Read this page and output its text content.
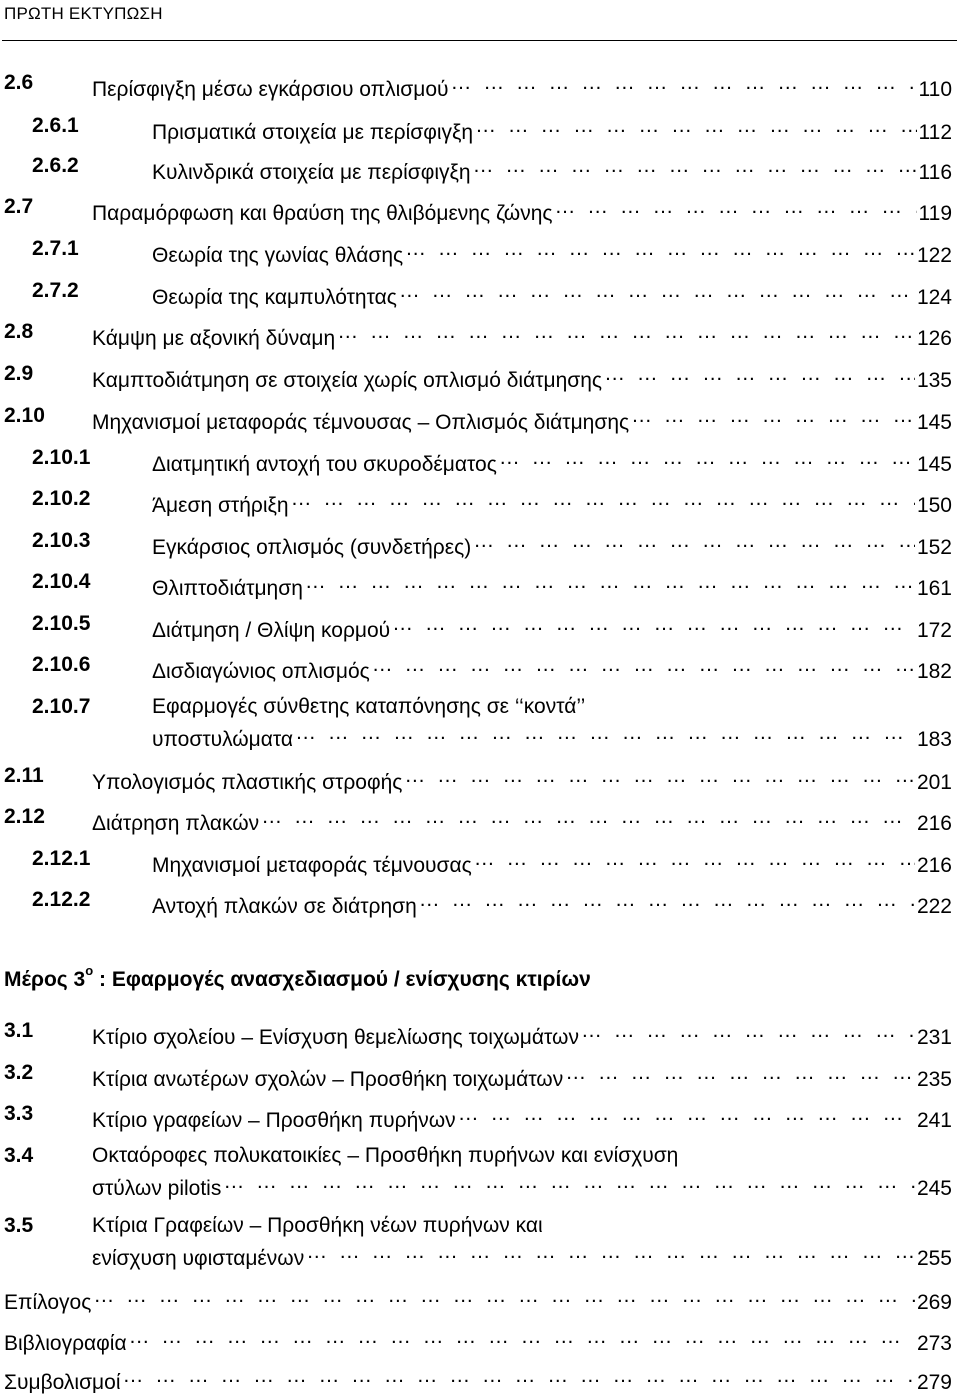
ΠΡΩΤΗ ΕΚΤΥΠΩΣΗ
2.6	Περίσφιγξη μέσω εγκάρσιου οπλισμού … … … … … … … … … … … … … … … … … … … … … … … … … … … … … … … …	110
2.6.1	Πρισματικά στοιχεία με περίσφιγξη … … … … … … … … … … … … … … … … … … … … … … … … … … … … … … … …	112
2.6.2	Κυλινδρικά στοιχεία με περίσφιγξη … … … … … … … … … … … … … … … … … … … … … … … … … … … … … … … …	116
2.7	Παραμόρφωση και θραύση της θλιβόμενης ζώνης … … … … … … … … … … … … … … … … … … … … … … … … … … … … … … … …	119
2.7.1	Θεωρία της γωνίας θλάσης … … … … … … … … … … … … … … … … … … … … … … … … … … … … … … … …	122
2.7.2	Θεωρία της καμπυλότητας … … … … … … … … … … … … … … … … … … … … … … … … … … … … … … … …	124
2.8	Κάμψη με αξονική δύναμη … … … … … … … … … … … … … … … … … … … … … … … … … … … … … … … …	126
2.9	Καμπτοδιάτμηση σε στοιχεία χωρίς οπλισμό διάτμησης … … … … … … … … … … … … … … … … … … … … … … … … … … … … … … … …	135
2.10 Μηχανισμοί μεταφοράς τέμνουσας – Οπλισμός διάτμησης … … … … … … … … … … … … … … … … … … … … … … … … … … … … … … … …	145
2.10.1	Διατμητική αντοχή του σκυροδέματος … … … … … … … … … … … … … … … … … … … … … … … … … … … … … … … …	145
2.10.2	Άμεση στήριξη … … … … … … … … … … … … … … … … … … … … … … … … … … … … … … … …	150
2.10.3	Εγκάρσιος οπλισμός (συνδετήρες) … … … … … … … … … … … … … … … … … … … … … … … … … … … … … … … …	152
2.10.4	Θλιπτοδιάτμηση … … … … … … … … … … … … … … … … … … … … … … … … … … … … … … … …	161
2.10.5	Διάτμηση / Θλίψη κορμού … … … … … … … … … … … … … … … … … … … … … … … … … … … … … … … …	172
2.10.6	Δισδιαγώνιος οπλισμός … … … … … … … … … … … … … … … … … … … … … … … … … … … … … … … …	182
2.10.7	Εφαρμογές σύνθετης καταπόνησης σε ‘‘κοντά’’
υποστυλώματα … … … … … … … … … … … … … … … … … … … … … … … … … … … … … … … …	183
2.11 Υπολογισμός πλαστικής στροφής … … … … … … … … … … … … … … … … … … … … … … … … … … … … … … … …	201
2.12 Διάτρηση πλακών … … … … … … … … … … … … … … … … … … … … … … … … … … … … … … … …	216
2.12.1	Μηχανισμοί μεταφοράς τέμνουσας … … … … … … … … … … … … … … … … … … … … … … … … … … … … … … … …	216
2.12.2	Αντοχή πλακών σε διάτρηση … … … … … … … … … … … … … … … … … … … … … … … … … … … … … … … …	222
Μέρος $3^o$ : Εφαρμογές ανασχεδιασμού / ενίσχυσης κτιρίων
3.1	Κτίριο σχολείου – Ενίσχυση θεμελίωσης τοιχωμάτων … … … … … … … … … … … … … … … … … … … … … … … … … … … … … … … …	231
3.2	Κτίρια ανωτέρων σχολών – Προσθήκη τοιχωμάτων … … … … … … … … … … … … … … … … … … … … … … … … … … … … … … … …	235
3.3	Κτίριο γραφείων – Προσθήκη πυρήνων … … … … … … … … … … … … … … … … … … … … … … … … … … … … … … … …	241
3.4	Οκταόροφες πολυκατοικίες – Προσθήκη πυρήνων και ενίσχυση
στύλων pilotis … … … … … … … … … … … … … … … … … … … … … … … … … … … … … … … …	245
3.5	Κτίρια Γραφείων – Προσθήκη νέων πυρήνων και
ενίσχυση υφισταμένων … … … … … … … … … … … … … … … … … … … … … … … … … … … … … … … …	255
Επίλογος … … … … … … … … … … … … … … … … … … … … … … … … … … … … … … … …	269
Βιβλιογραφία … … … … … … … … … … … … … … … … … … … … … … … … … … … … … … … …	273
Συμβολισμοί … … … … … … … … … … … … … … … … … … … … … … … … … … … … … … … …	279
